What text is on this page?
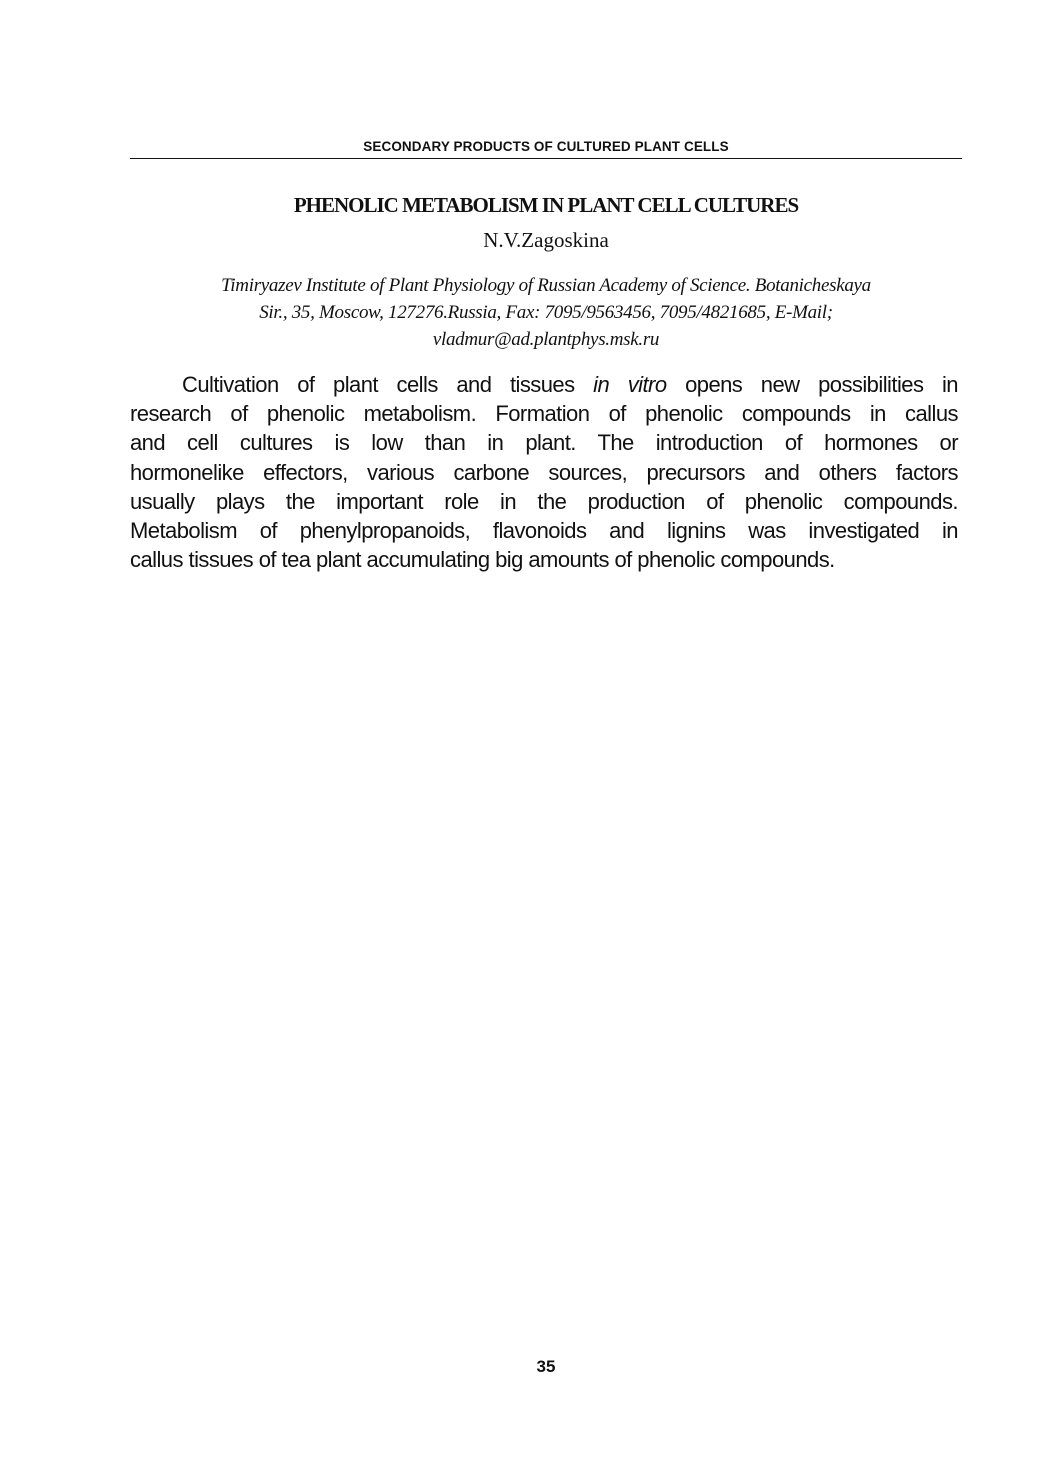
SECONDARY PRODUCTS OF CULTURED PLANT CELLS
PHENOLIC METABOLISM IN PLANT CELL CULTURES
N.V.Zagoskina
Timiryazev Institute of Plant Physiology of Russian Academy of Science. Botanicheskaya
Sir., 35, Moscow, 127276.Russia, Fax: 7095/9563456, 7095/4821685, E-Mail;
vladmur@ad.plantphys.msk.ru
Cultivation of plant cells and tissues in vitro opens new possibilities in
research of phenolic metabolism. Formation of phenolic compounds in callus
and cell cultures is low than in plant. The introduction of hormones or
hormonelike effectors, various carbone sources, precursors and others factors
usually plays the important role in the production of phenolic compounds.
Metabolism of phenylpropanoids, flavonoids and lignins was investigated in
callus tissues of tea plant accumulating big amounts of phenolic compounds.
35
